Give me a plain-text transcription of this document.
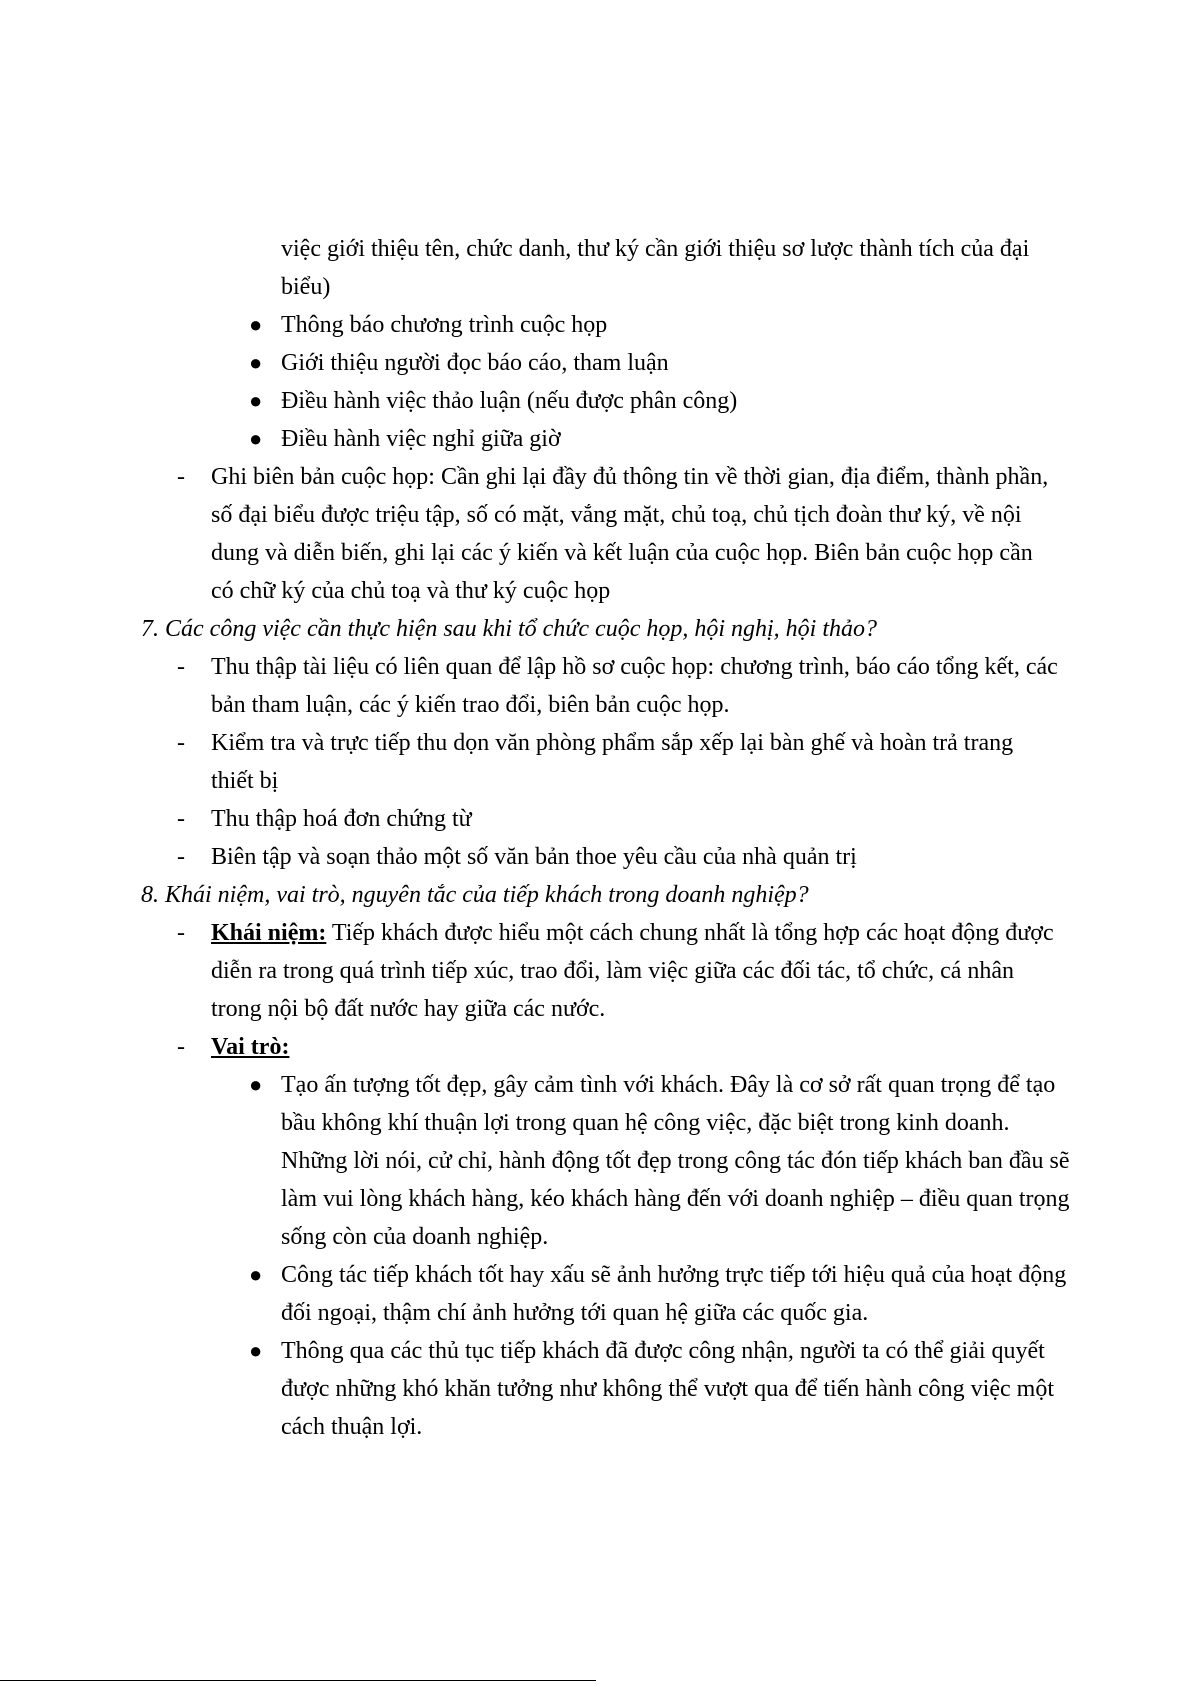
việc giới thiệu tên, chức danh, thư ký cần giới thiệu sơ lược thành tích của đại biểu)
● Thông báo chương trình cuộc họp
● Giới thiệu người đọc báo cáo, tham luận
● Điều hành việc thảo luận (nếu được phân công)
● Điều hành việc nghỉ giữa giờ
- Ghi biên bản cuộc họp: Cần ghi lại đầy đủ thông tin về thời gian, địa điểm, thành phần, số đại biểu được triệu tập, số có mặt, vắng mặt, chủ toạ, chủ tịch đoàn thư ký, về nội dung và diễn biến, ghi lại các ý kiến và kết luận của cuộc họp. Biên bản cuộc họp cần có chữ ký của chủ toạ và thư ký cuộc họp
7. Các công việc cần thực hiện sau khi tổ chức cuộc họp, hội nghị, hội thảo?
- Thu thập tài liệu có liên quan để lập hồ sơ cuộc họp: chương trình, báo cáo tổng kết, các bản tham luận, các ý kiến trao đổi, biên bản cuộc họp.
- Kiểm tra và trực tiếp thu dọn văn phòng phẩm sắp xếp lại bàn ghế và hoàn trả trang thiết bị
- Thu thập hoá đơn chứng từ
- Biên tập và soạn thảo một số văn bản thoe yêu cầu của nhà quản trị
8. Khái niệm, vai trò, nguyên tắc của tiếp khách trong doanh nghiệp?
- Khái niệm: Tiếp khách được hiểu một cách chung nhất là tổng hợp các hoạt động được diễn ra trong quá trình tiếp xúc, trao đổi, làm việc giữa các đối tác, tổ chức, cá nhân trong nội bộ đất nước hay giữa các nước.
- Vai trò:
● Tạo ấn tượng tốt đẹp, gây cảm tình với khách. Đây là cơ sở rất quan trọng để tạo bầu không khí thuận lợi trong quan hệ công việc, đặc biệt trong kinh doanh. Những lời nói, cử chỉ, hành động tốt đẹp trong công tác đón tiếp khách ban đầu sẽ làm vui lòng khách hàng, kéo khách hàng đến với doanh nghiệp – điều quan trọng sống còn của doanh nghiệp.
● Công tác tiếp khách tốt hay xấu sẽ ảnh hưởng trực tiếp tới hiệu quả của hoạt động đối ngoại, thậm chí ảnh hưởng tới quan hệ giữa các quốc gia.
● Thông qua các thủ tục tiếp khách đã được công nhận, người ta có thể giải quyết được những khó khăn tưởng như không thể vượt qua để tiến hành công việc một cách thuận lợi.
